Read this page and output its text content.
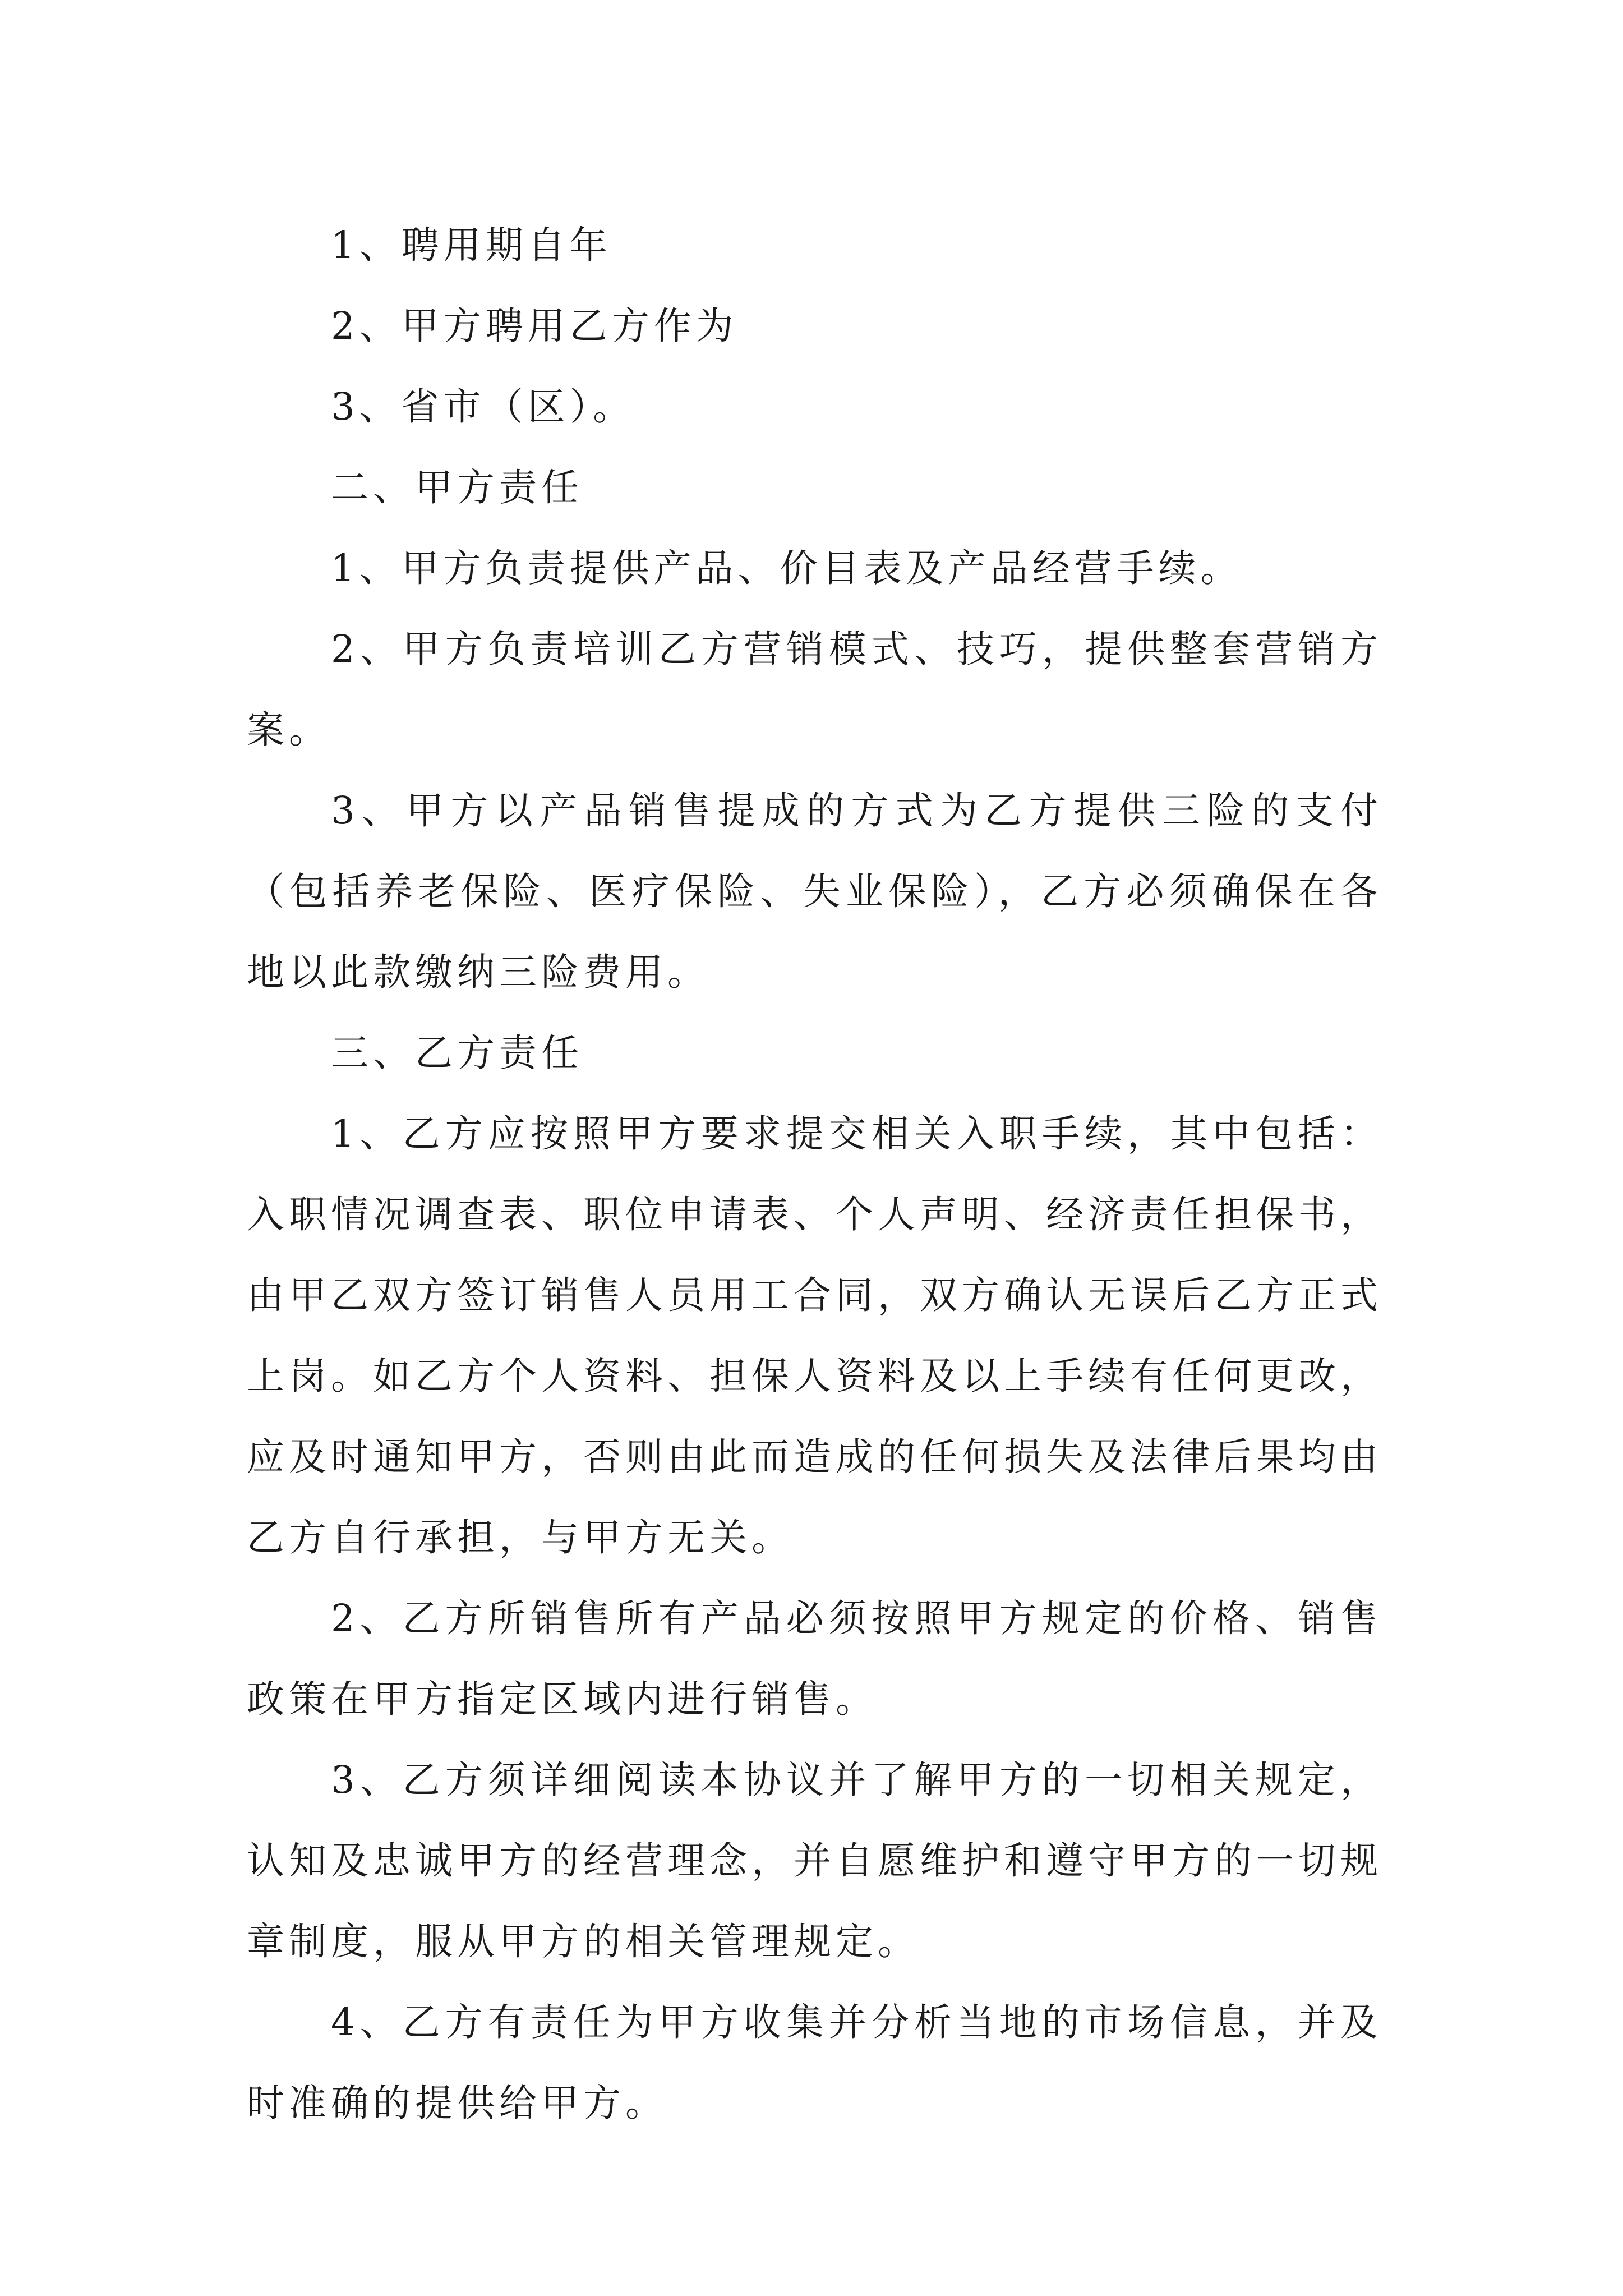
1、聘用期自年

2、甲方聘用乙方作为

3、省市（区）。

二、甲方责任

1、甲方负责提供产品、价目表及产品经营手续。

2、甲方负责培训乙方营销模式、技巧，提供整套营销方案。

3、甲方以产品销售提成的方式为乙方提供三险的支付（包括养老保险、医疗保险、失业保险），乙方必须确保在各地以此款缴纳三险费用。

三、乙方责任

1、乙方应按照甲方要求提交相关入职手续，其中包括：入职情况调查表、职位申请表、个人声明、经济责任担保书，由甲乙双方签订销售人员用工合同，双方确认无误后乙方正式上岗。如乙方个人资料、担保人资料及以上手续有任何更改，应及时通知甲方，否则由此而造成的任何损失及法律后果均由乙方自行承担，与甲方无关。

2、乙方所销售所有产品必须按照甲方规定的价格、销售政策在甲方指定区域内进行销售。

3、乙方须详细阅读本协议并了解甲方的一切相关规定，认知及忠诚甲方的经营理念，并自愿维护和遵守甲方的一切规章制度，服从甲方的相关管理规定。

4、乙方有责任为甲方收集并分析当地的市场信息，并及时准确的提供给甲方。
